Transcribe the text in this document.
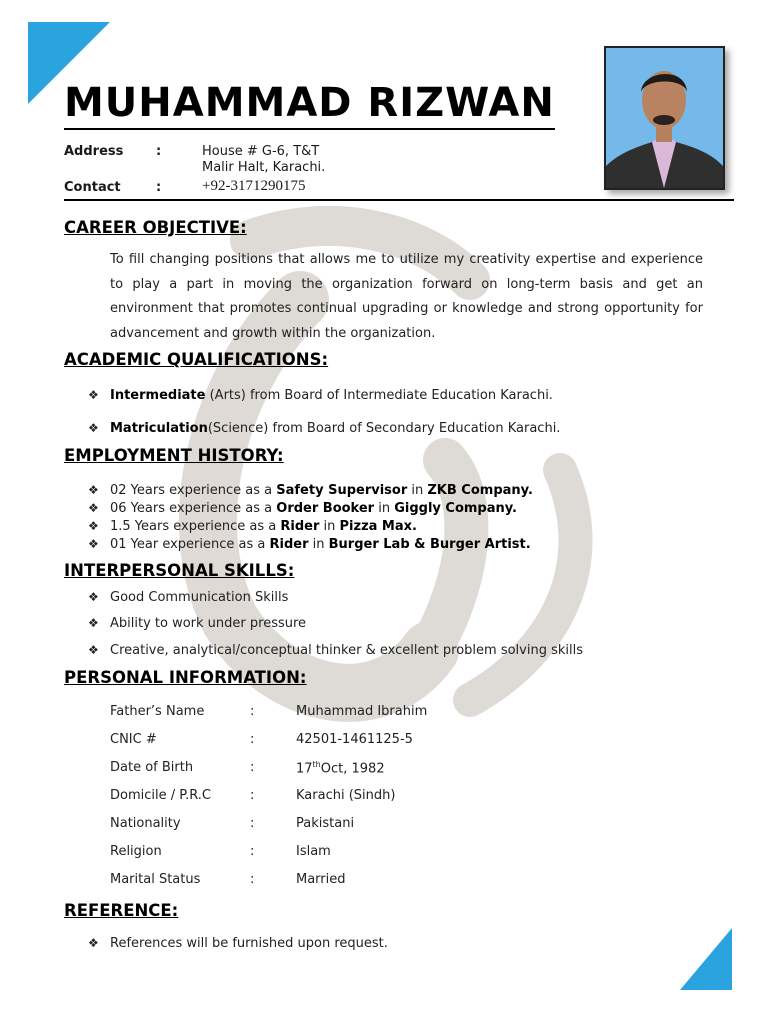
MUHAMMAD RIZWAN
Address	:	House # G-6, T&T
Malir Halt, Karachi.
Contact	:	+92-3171290175
CAREER OBJECTIVE:

To fill changing positions that allows me to utilize my creativity expertise and experience to play a part in moving the organization forward on long-term basis and get an environment that promotes continual upgrading or knowledge and strong opportunity for advancement and growth within the organization.

ACADEMIC QUALIFICATIONS:
❖ Intermediate (Arts) from Board of Intermediate Education Karachi.
❖ Matriculation(Science) from Board of Secondary Education Karachi.
EMPLOYMENT HISTORY:
❖ 02 Years experience as a Safety Supervisor in ZKB Company.
❖ 06 Years experience as a Order Booker in Giggly Company.
❖ 1.5 Years experience as a Rider in Pizza Max.
❖ 01 Year experience as a Rider in Burger Lab & Burger Artist.
INTERPERSONAL SKILLS:
❖ Good Communication Skills
❖ Ability to work under pressure
❖ Creative, analytical/conceptual thinker & excellent problem solving skills
PERSONAL INFORMATION:
Father’s Name	:	Muhammad Ibrahim
CNIC #	:	42501-1461125-5
Date of Birth	:	17thOct, 1982
Domicile / P.R.C	:	Karachi (Sindh)
Nationality	:	Pakistani
Religion	:	Islam
Marital Status	:	Married
REFERENCE:
❖ References will be furnished upon request.
